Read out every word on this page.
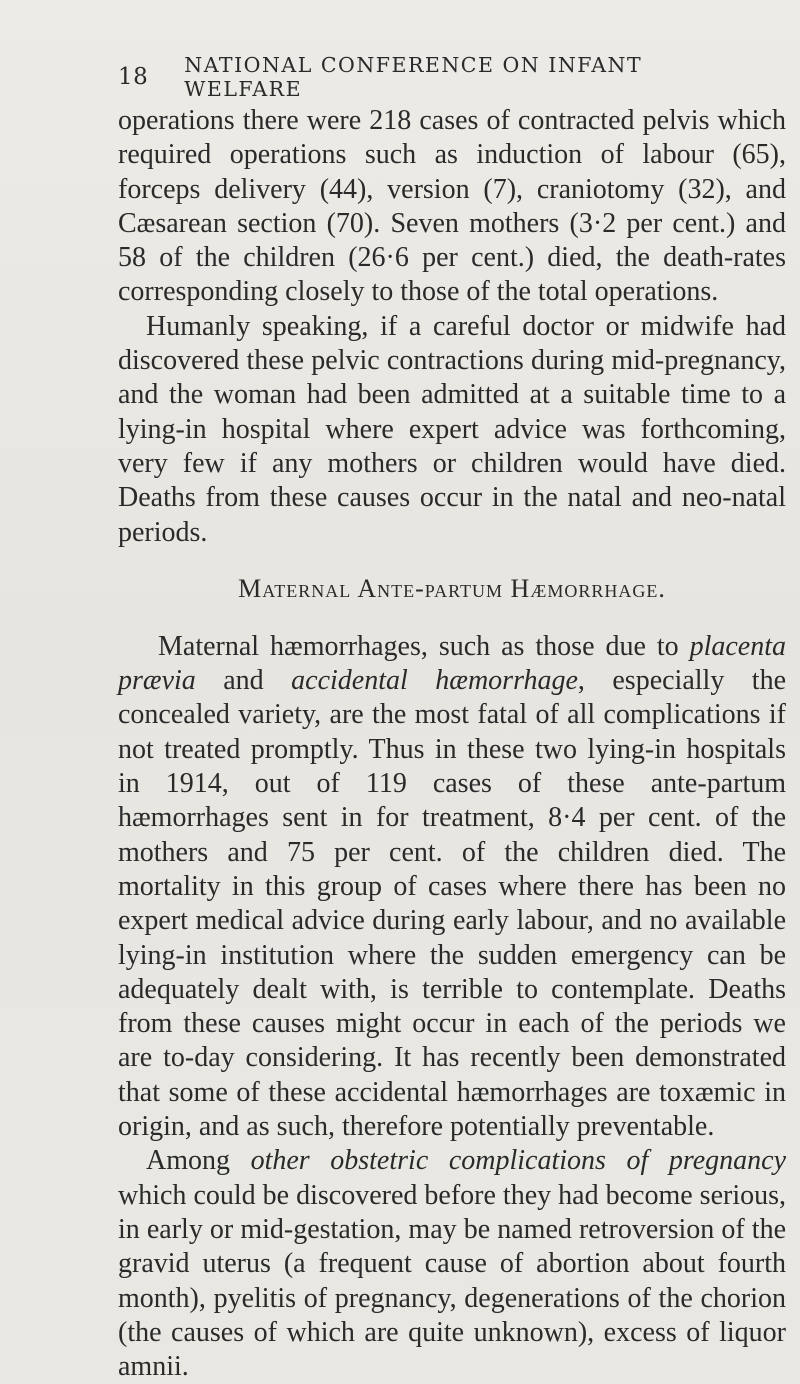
18 NATIONAL CONFERENCE ON INFANT WELFARE

operations there were 218 cases of contracted pelvis which required operations such as induction of labour (65), forceps delivery (44), version (7), craniotomy (32), and Cæsarean section (70). Seven mothers (3·2 per cent.) and 58 of the children (26·6 per cent.) died, the death-rates corresponding closely to those of the total operations.

Humanly speaking, if a careful doctor or midwife had discovered these pelvic contractions during mid-pregnancy, and the woman had been admitted at a suitable time to a lying-in hospital where expert advice was forthcoming, very few if any mothers or children would have died. Deaths from these causes occur in the natal and neo-natal periods.

Maternal Ante-partum Hæmorrhage.

Maternal hæmorrhages, such as those due to placenta prævia and accidental hæmorrhage, especially the concealed variety, are the most fatal of all complications if not treated promptly. Thus in these two lying-in hospitals in 1914, out of 119 cases of these ante-partum hæmorrhages sent in for treatment, 8·4 per cent. of the mothers and 75 per cent. of the children died. The mortality in this group of cases where there has been no expert medical advice during early labour, and no available lying-in institution where the sudden emergency can be adequately dealt with, is terrible to contemplate. Deaths from these causes might occur in each of the periods we are to-day considering. It has recently been demonstrated that some of these accidental hæmorrhages are toxæmic in origin, and as such, therefore potentially preventable.

Among other obstetric complications of pregnancy which could be discovered before they had become serious, in early or mid-gestation, may be named retroversion of the gravid uterus (a frequent cause of abortion about fourth month), pyelitis of pregnancy, degenerations of the chorion (the causes of which are quite unknown), excess of liquor amnii.
